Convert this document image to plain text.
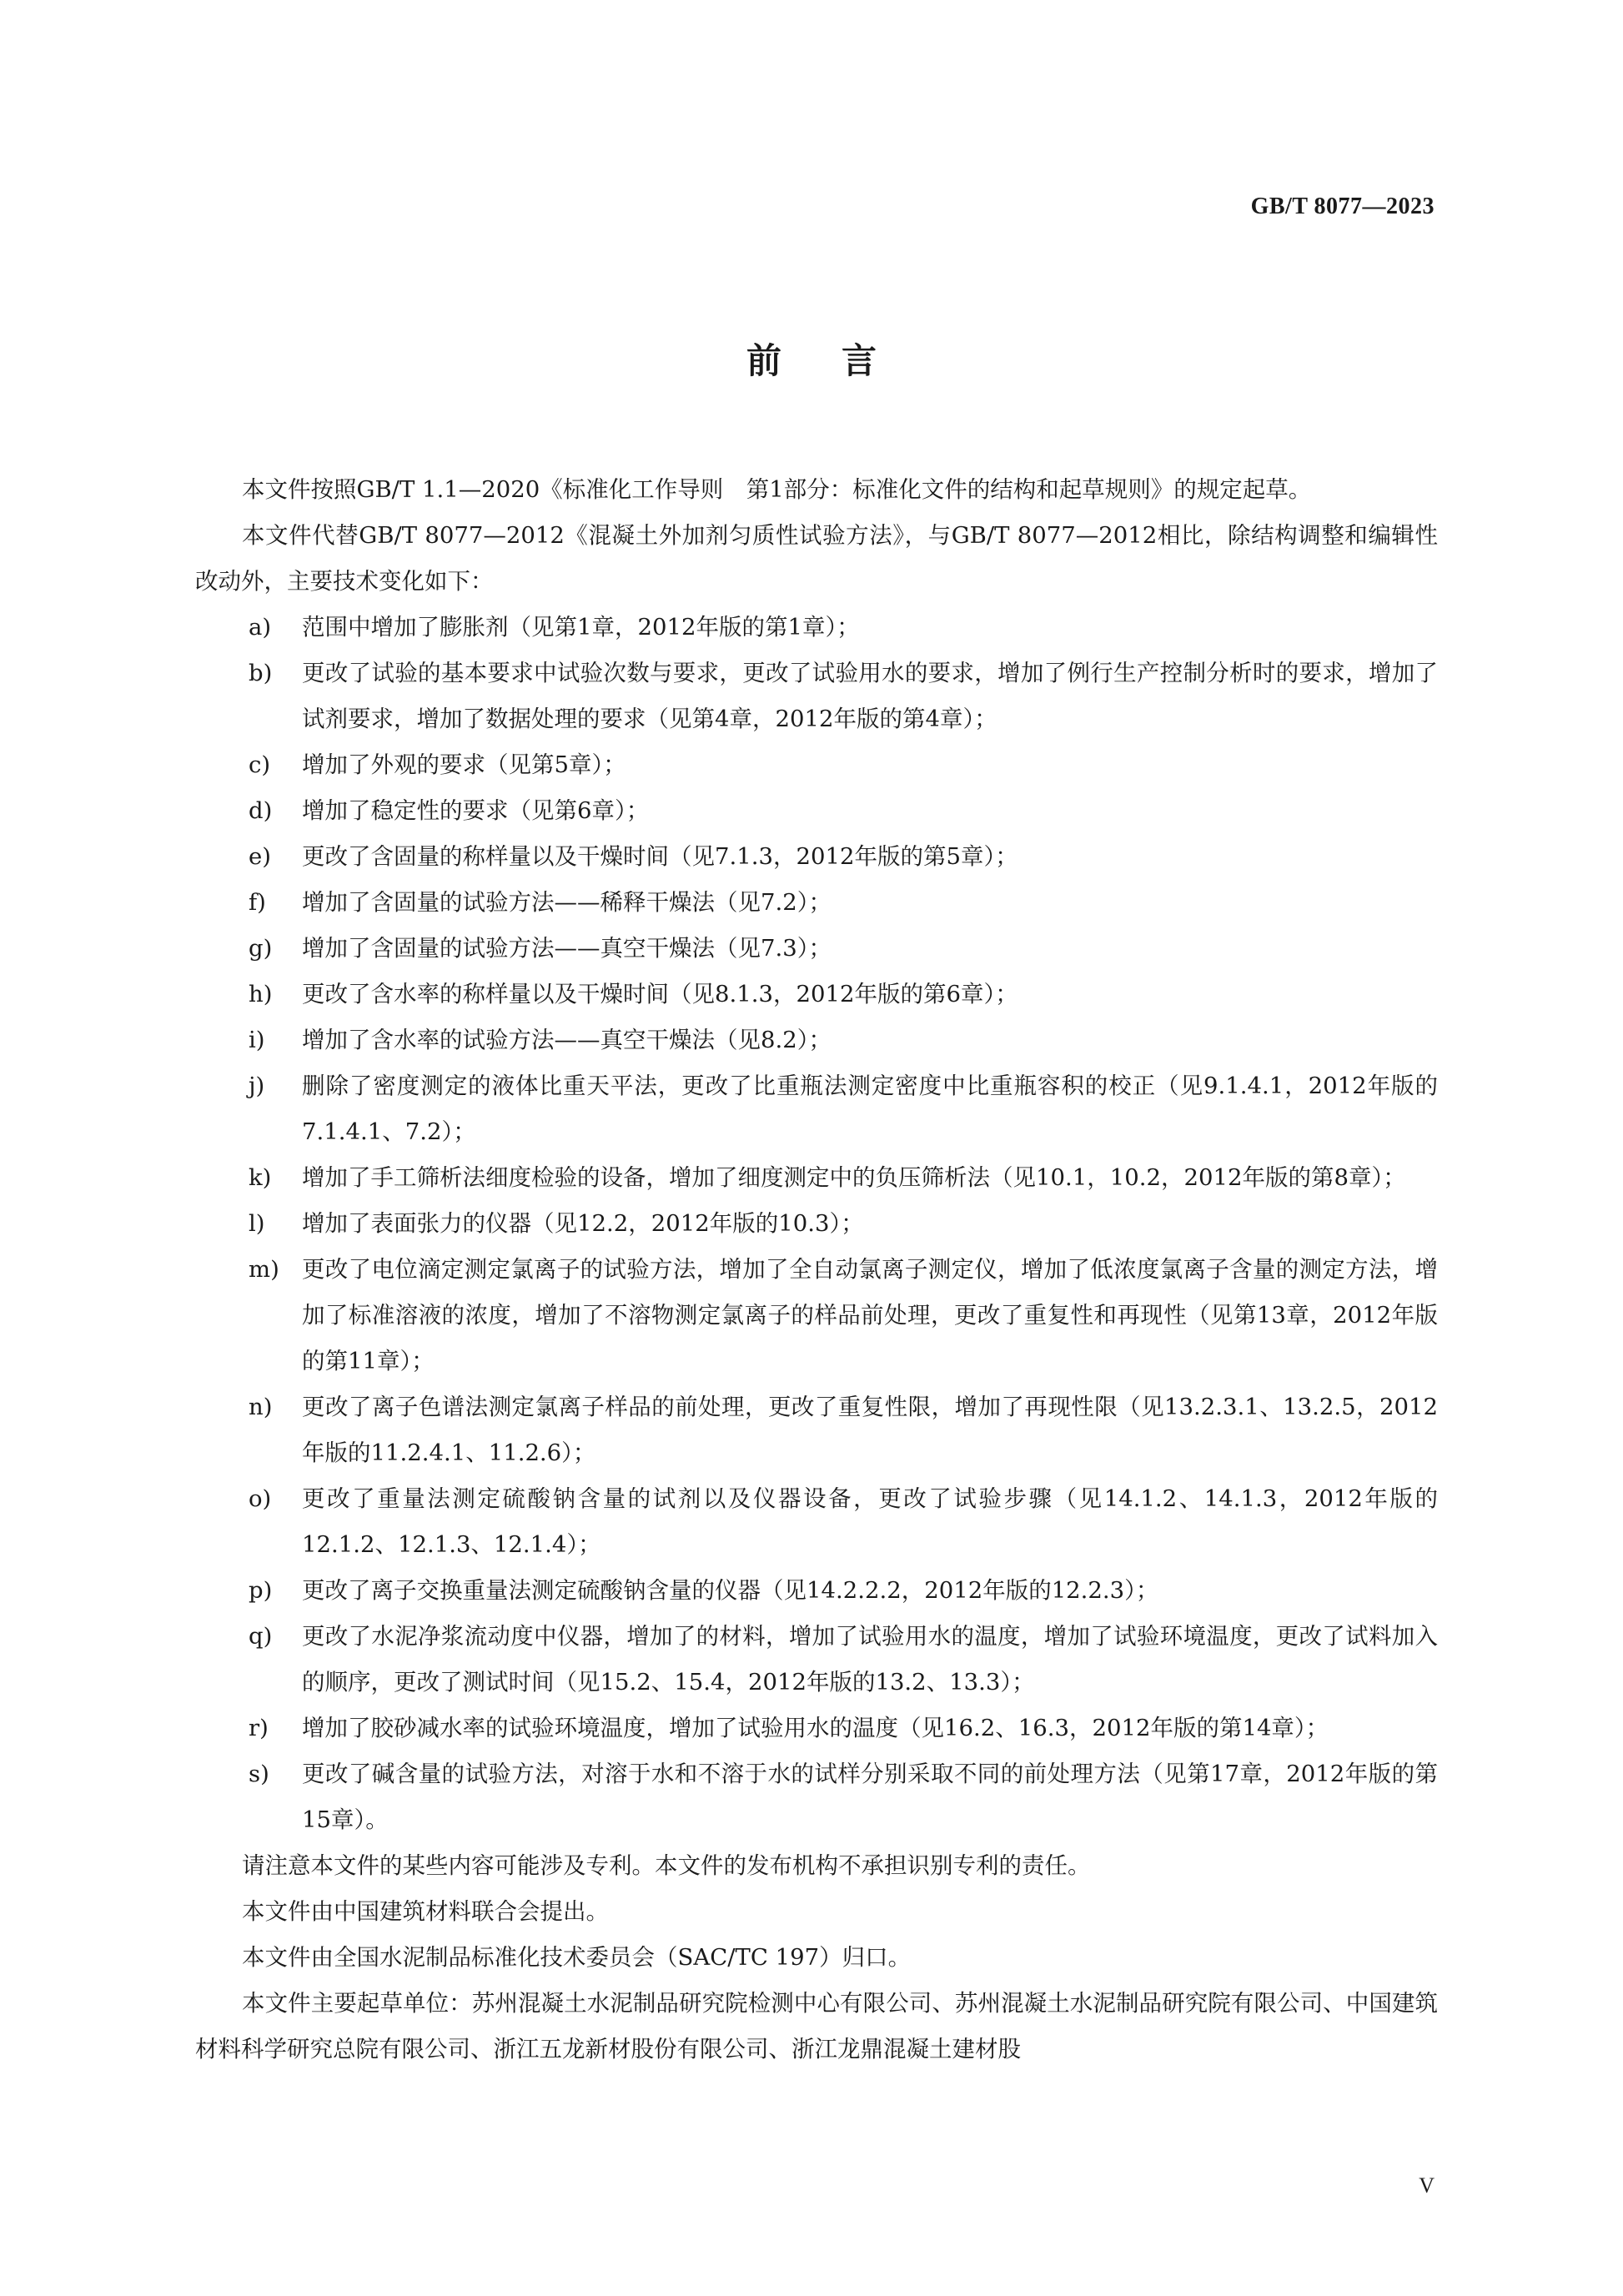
GB/T 8077—2023
前言

本文件按照GB/T 1.1—2020《标准化工作导则　第1部分：标准化文件的结构和起草规则》的规定起草。

本文件代替GB/T 8077—2012《混凝土外加剂匀质性试验方法》，与GB/T 8077—2012相比，除结构调整和编辑性改动外，主要技术变化如下：

a) 范围中增加了膨胀剂（见第1章，2012年版的第1章）；
b) 更改了试验的基本要求中试验次数与要求，更改了试验用水的要求，增加了例行生产控制分析时的要求，增加了试剂要求，增加了数据处理的要求（见第4章，2012年版的第4章）；
c) 增加了外观的要求（见第5章）；
d) 增加了稳定性的要求（见第6章）；
e) 更改了含固量的称样量以及干燥时间（见7.1.3，2012年版的第5章）；
f) 增加了含固量的试验方法——稀释干燥法（见7.2）；
g) 增加了含固量的试验方法——真空干燥法（见7.3）；
h) 更改了含水率的称样量以及干燥时间（见8.1.3，2012年版的第6章）；
i) 增加了含水率的试验方法——真空干燥法（见8.2）；
j) 删除了密度测定的液体比重天平法，更改了比重瓶法测定密度中比重瓶容积的校正（见9.1.4.1，2012年版的7.1.4.1、7.2）；
k) 增加了手工筛析法细度检验的设备，增加了细度测定中的负压筛析法（见10.1，10.2，2012年版的第8章）；
l) 增加了表面张力的仪器（见12.2，2012年版的10.3）；
m) 更改了电位滴定测定氯离子的试验方法，增加了全自动氯离子测定仪，增加了低浓度氯离子含量的测定方法，增加了标准溶液的浓度，增加了不溶物测定氯离子的样品前处理，更改了重复性和再现性（见第13章，2012年版的第11章）；
n) 更改了离子色谱法测定氯离子样品的前处理，更改了重复性限，增加了再现性限（见13.2.3.1、13.2.5，2012年版的11.2.4.1、11.2.6）；
o) 更改了重量法测定硫酸钠含量的试剂以及仪器设备，更改了试验步骤（见14.1.2、14.1.3，2012年版的12.1.2、12.1.3、12.1.4）；
p) 更改了离子交换重量法测定硫酸钠含量的仪器（见14.2.2.2，2012年版的12.2.3）；
q) 更改了水泥净浆流动度中仪器，增加了的材料，增加了试验用水的温度，增加了试验环境温度，更改了试料加入的顺序，更改了测试时间（见15.2、15.4，2012年版的13.2、13.3）；
r) 增加了胶砂减水率的试验环境温度，增加了试验用水的温度（见16.2、16.3，2012年版的第14章）；
s) 更改了碱含量的试验方法，对溶于水和不溶于水的试样分别采取不同的前处理方法（见第17章，2012年版的第15章）。

请注意本文件的某些内容可能涉及专利。本文件的发布机构不承担识别专利的责任。

本文件由中国建筑材料联合会提出。

本文件由全国水泥制品标准化技术委员会（SAC/TC 197）归口。

本文件主要起草单位：苏州混凝土水泥制品研究院检测中心有限公司、苏州混凝土水泥制品研究院有限公司、中国建筑材料科学研究总院有限公司、浙江五龙新材股份有限公司、浙江龙鼎混凝土建材股

V
